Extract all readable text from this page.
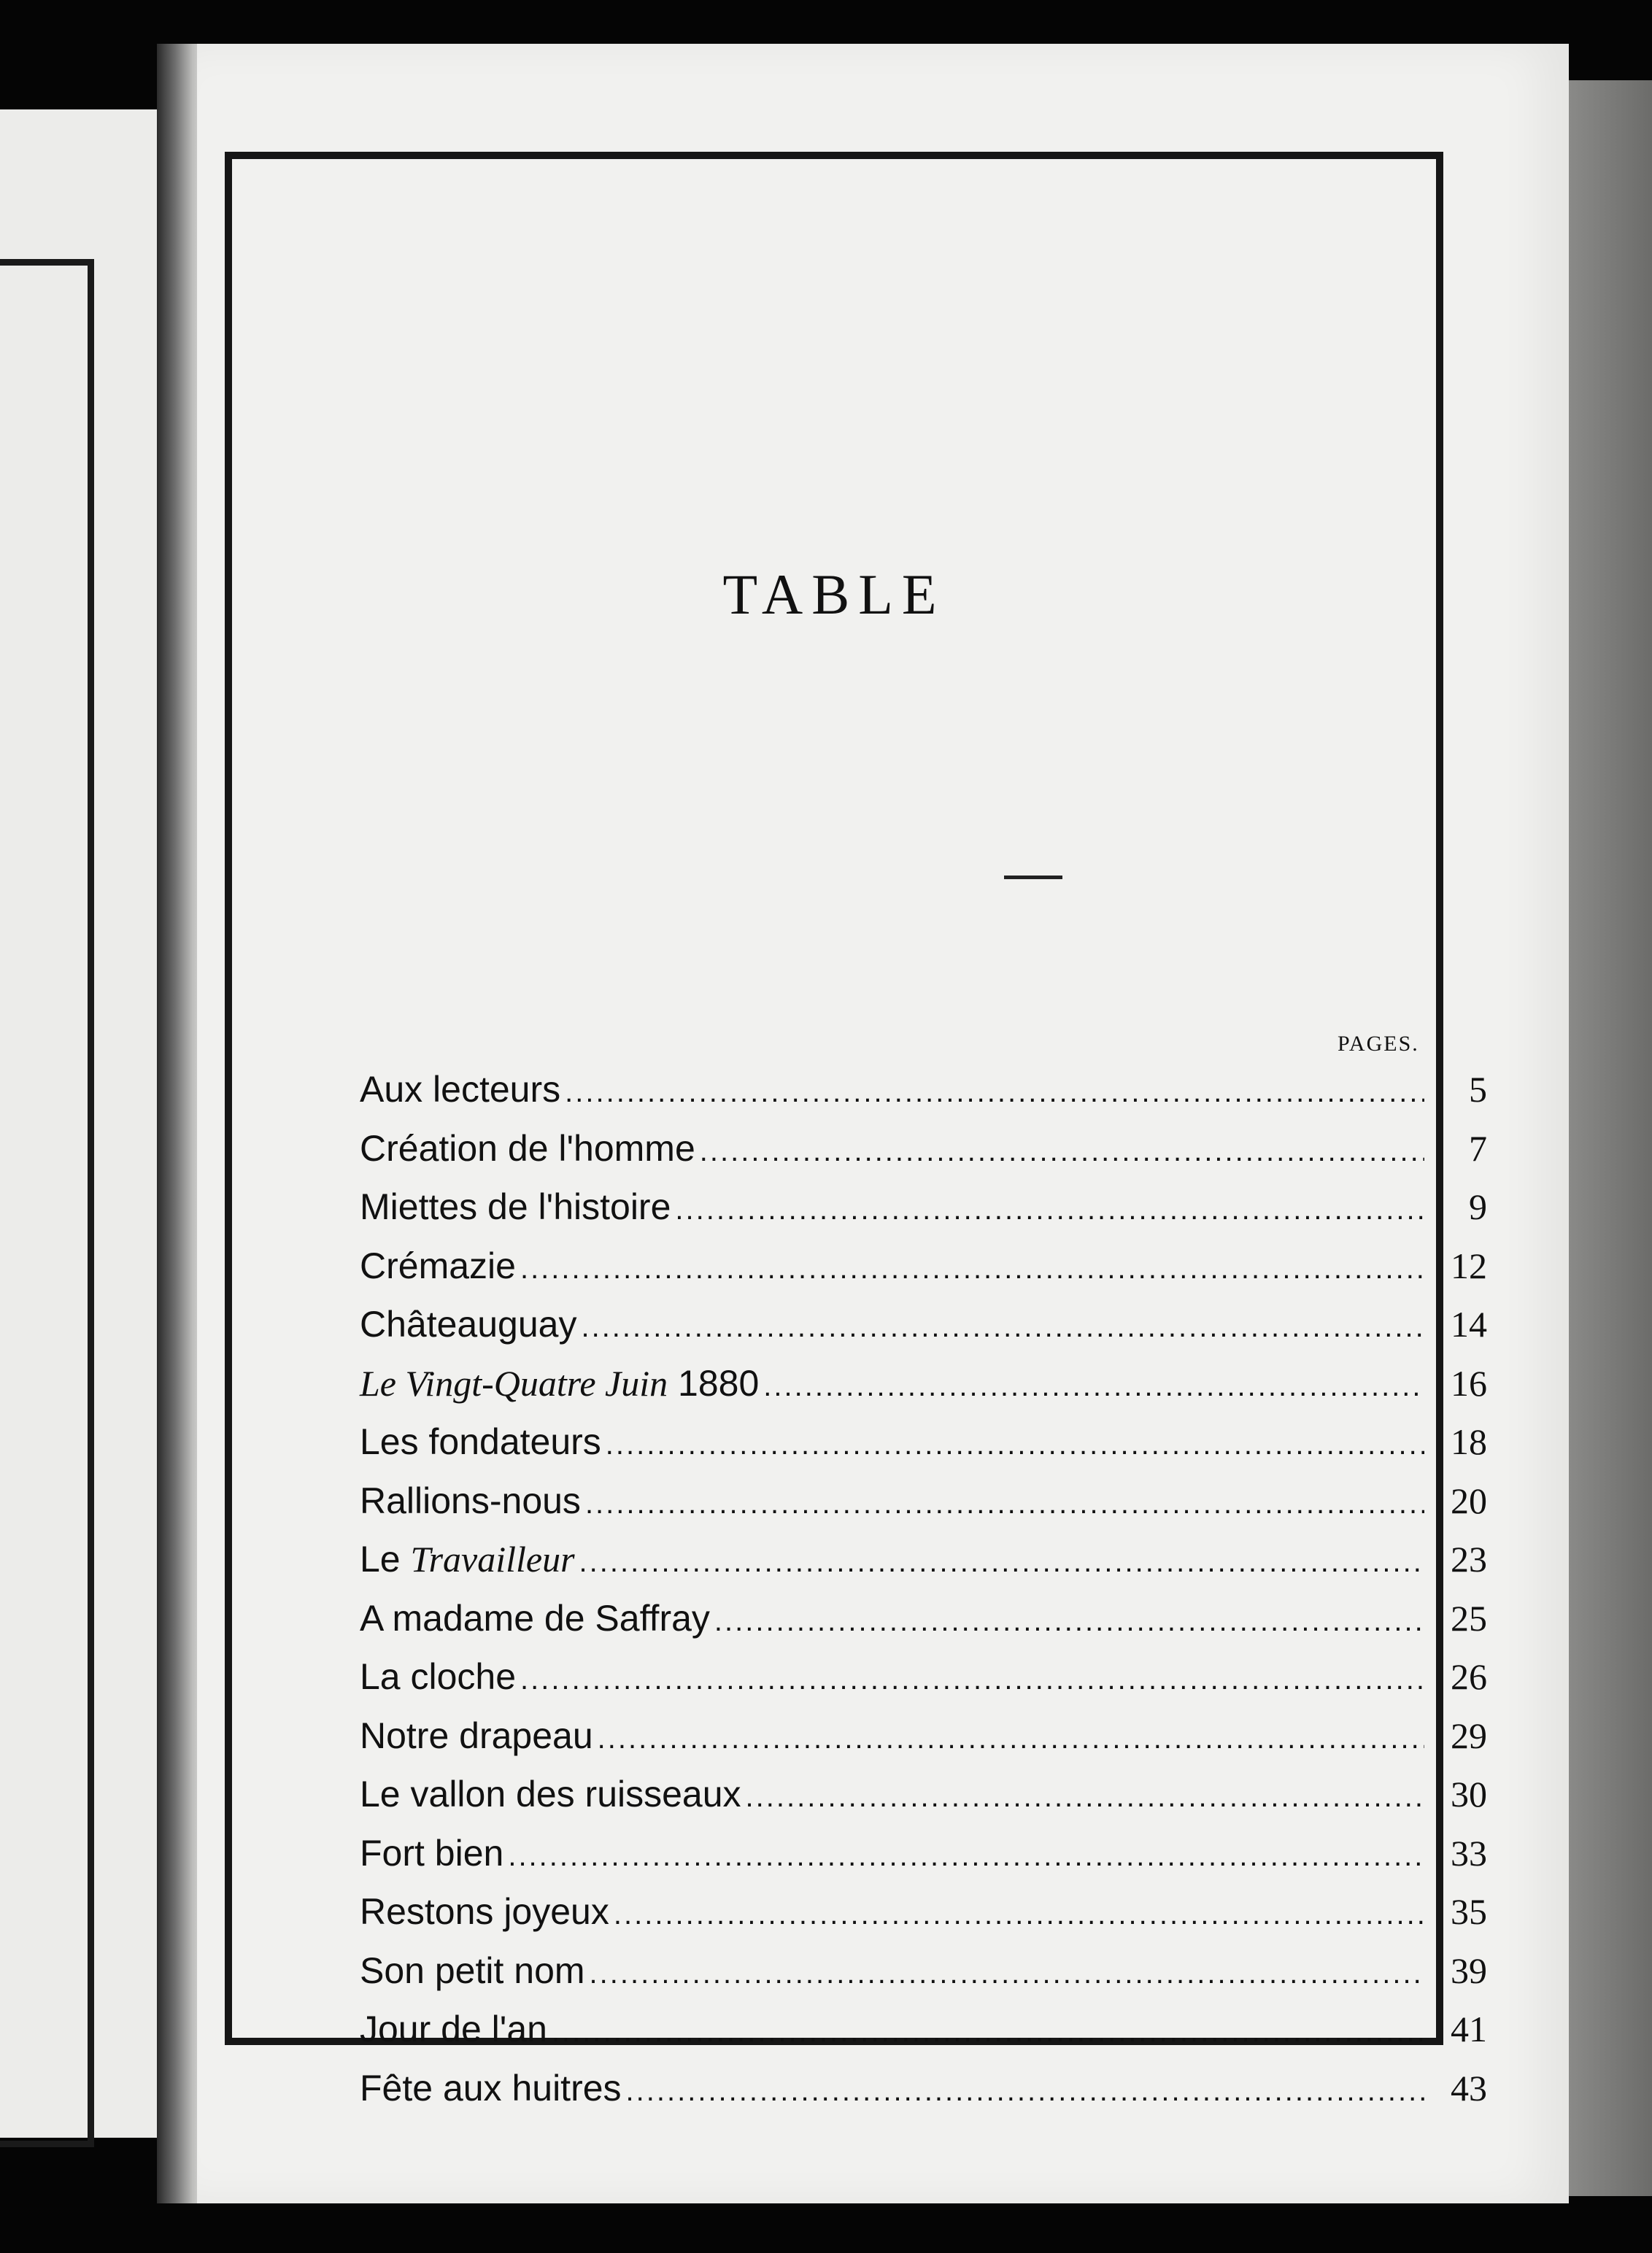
TABLE
PAGES.
Aux lecteurs .....	5
Création de l'homme .....	7
Miettes de l'histoire .....	9
Crémazie .....	12
Châteauguay .....	14
Le Vingt-Quatre Juin 1880 .....	16
Les fondateurs .....	18
Rallions-nous .....	20
Le Travailleur .....	23
A madame de Saffray .....	25
La cloche .....	26
Notre drapeau .....	29
Le vallon des ruisseaux .....	30
Fort bien .....	33
Restons joyeux .....	35
Son petit nom .....	39
Jour de l'an .....	41
Fête aux huitres .....	43
